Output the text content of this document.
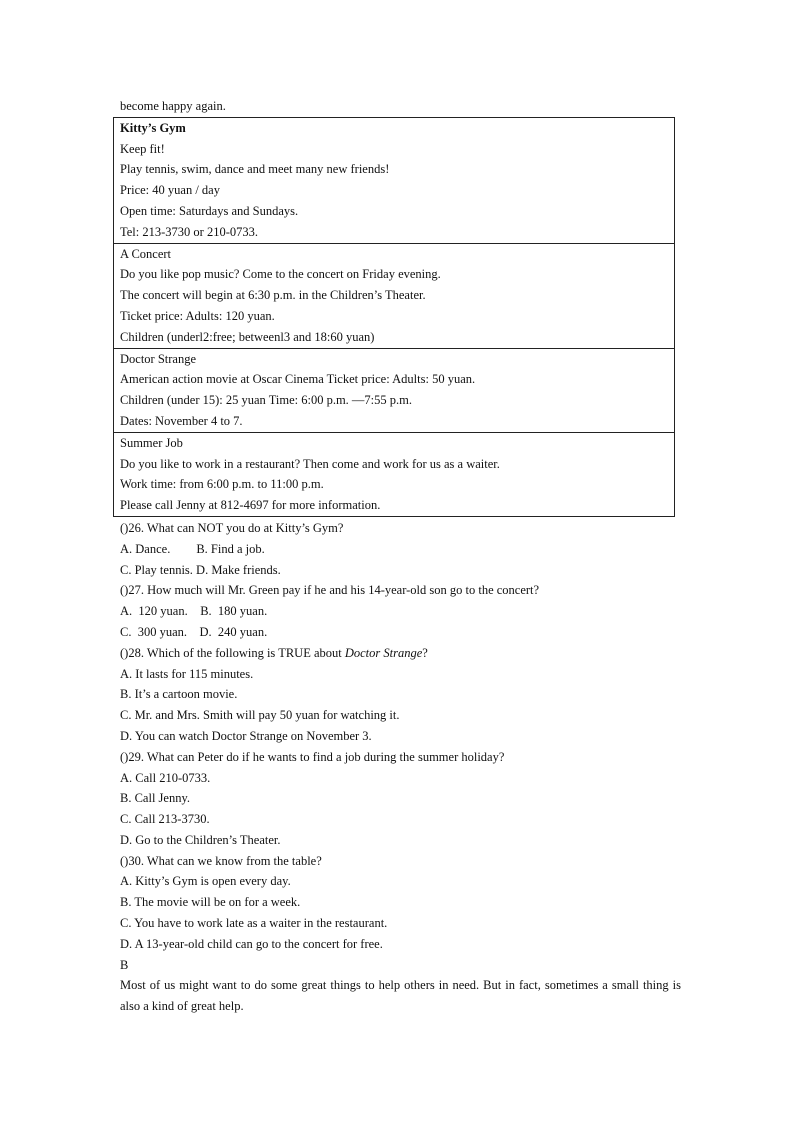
become happy again.
Kitty’s Gym
Keep fit!
Play tennis, swim, dance and meet many new friends!
Price: 40 yuan / day
Open time: Saturdays and Sundays.
Tel: 213-3730 or 210-0733.

A Concert
Do you like pop music? Come to the concert on Friday evening.
The concert will begin at 6:30 p.m. in the Children’s Theater.
Ticket price: Adults: 120 yuan.
Children (underl2:free; betweenl3 and 18:60 yuan)

Doctor Strange
American action movie at Oscar Cinema Ticket price: Adults: 50 yuan.
Children (under 15): 25 yuan Time: 6:00 p.m. —7:55 p.m.
Dates: November 4 to 7.

Summer Job
Do you like to work in a restaurant? Then come and work for us as a waiter.
Work time: from 6:00 p.m. to 11:00 p.m.
Please call Jenny at 812-4697 for more information.
()26. What can NOT you do at Kitty’s Gym?
A. Dance. B. Find a job.
C. Play tennis. D. Make friends.
()27. How much will Mr. Green pay if he and his 14-year-old son go to the concert?
A.  120 yuan.    B.  180 yuan.
C.  300 yuan.    D.  240 yuan.
()28. Which of the following is TRUE about Doctor Strange?
A. It lasts for 115 minutes.
B. It’s a cartoon movie.
C. Mr. and Mrs. Smith will pay 50 yuan for watching it.
D. You can watch Doctor Strange on November 3.
()29. What can Peter do if he wants to find a job during the summer holiday?
A. Call 210-0733.
B. Call Jenny.
C. Call 213-3730.
D. Go to the Children’s Theater.
()30. What can we know from the table?
A. Kitty’s Gym is open every day.
B. The movie will be on for a week.
C. You have to work late as a waiter in the restaurant.
D. A 13-year-old child can go to the concert for free.
B
Most of us might want to do some great things to help others in need. But in fact, sometimes a small thing is also a kind of great help.
